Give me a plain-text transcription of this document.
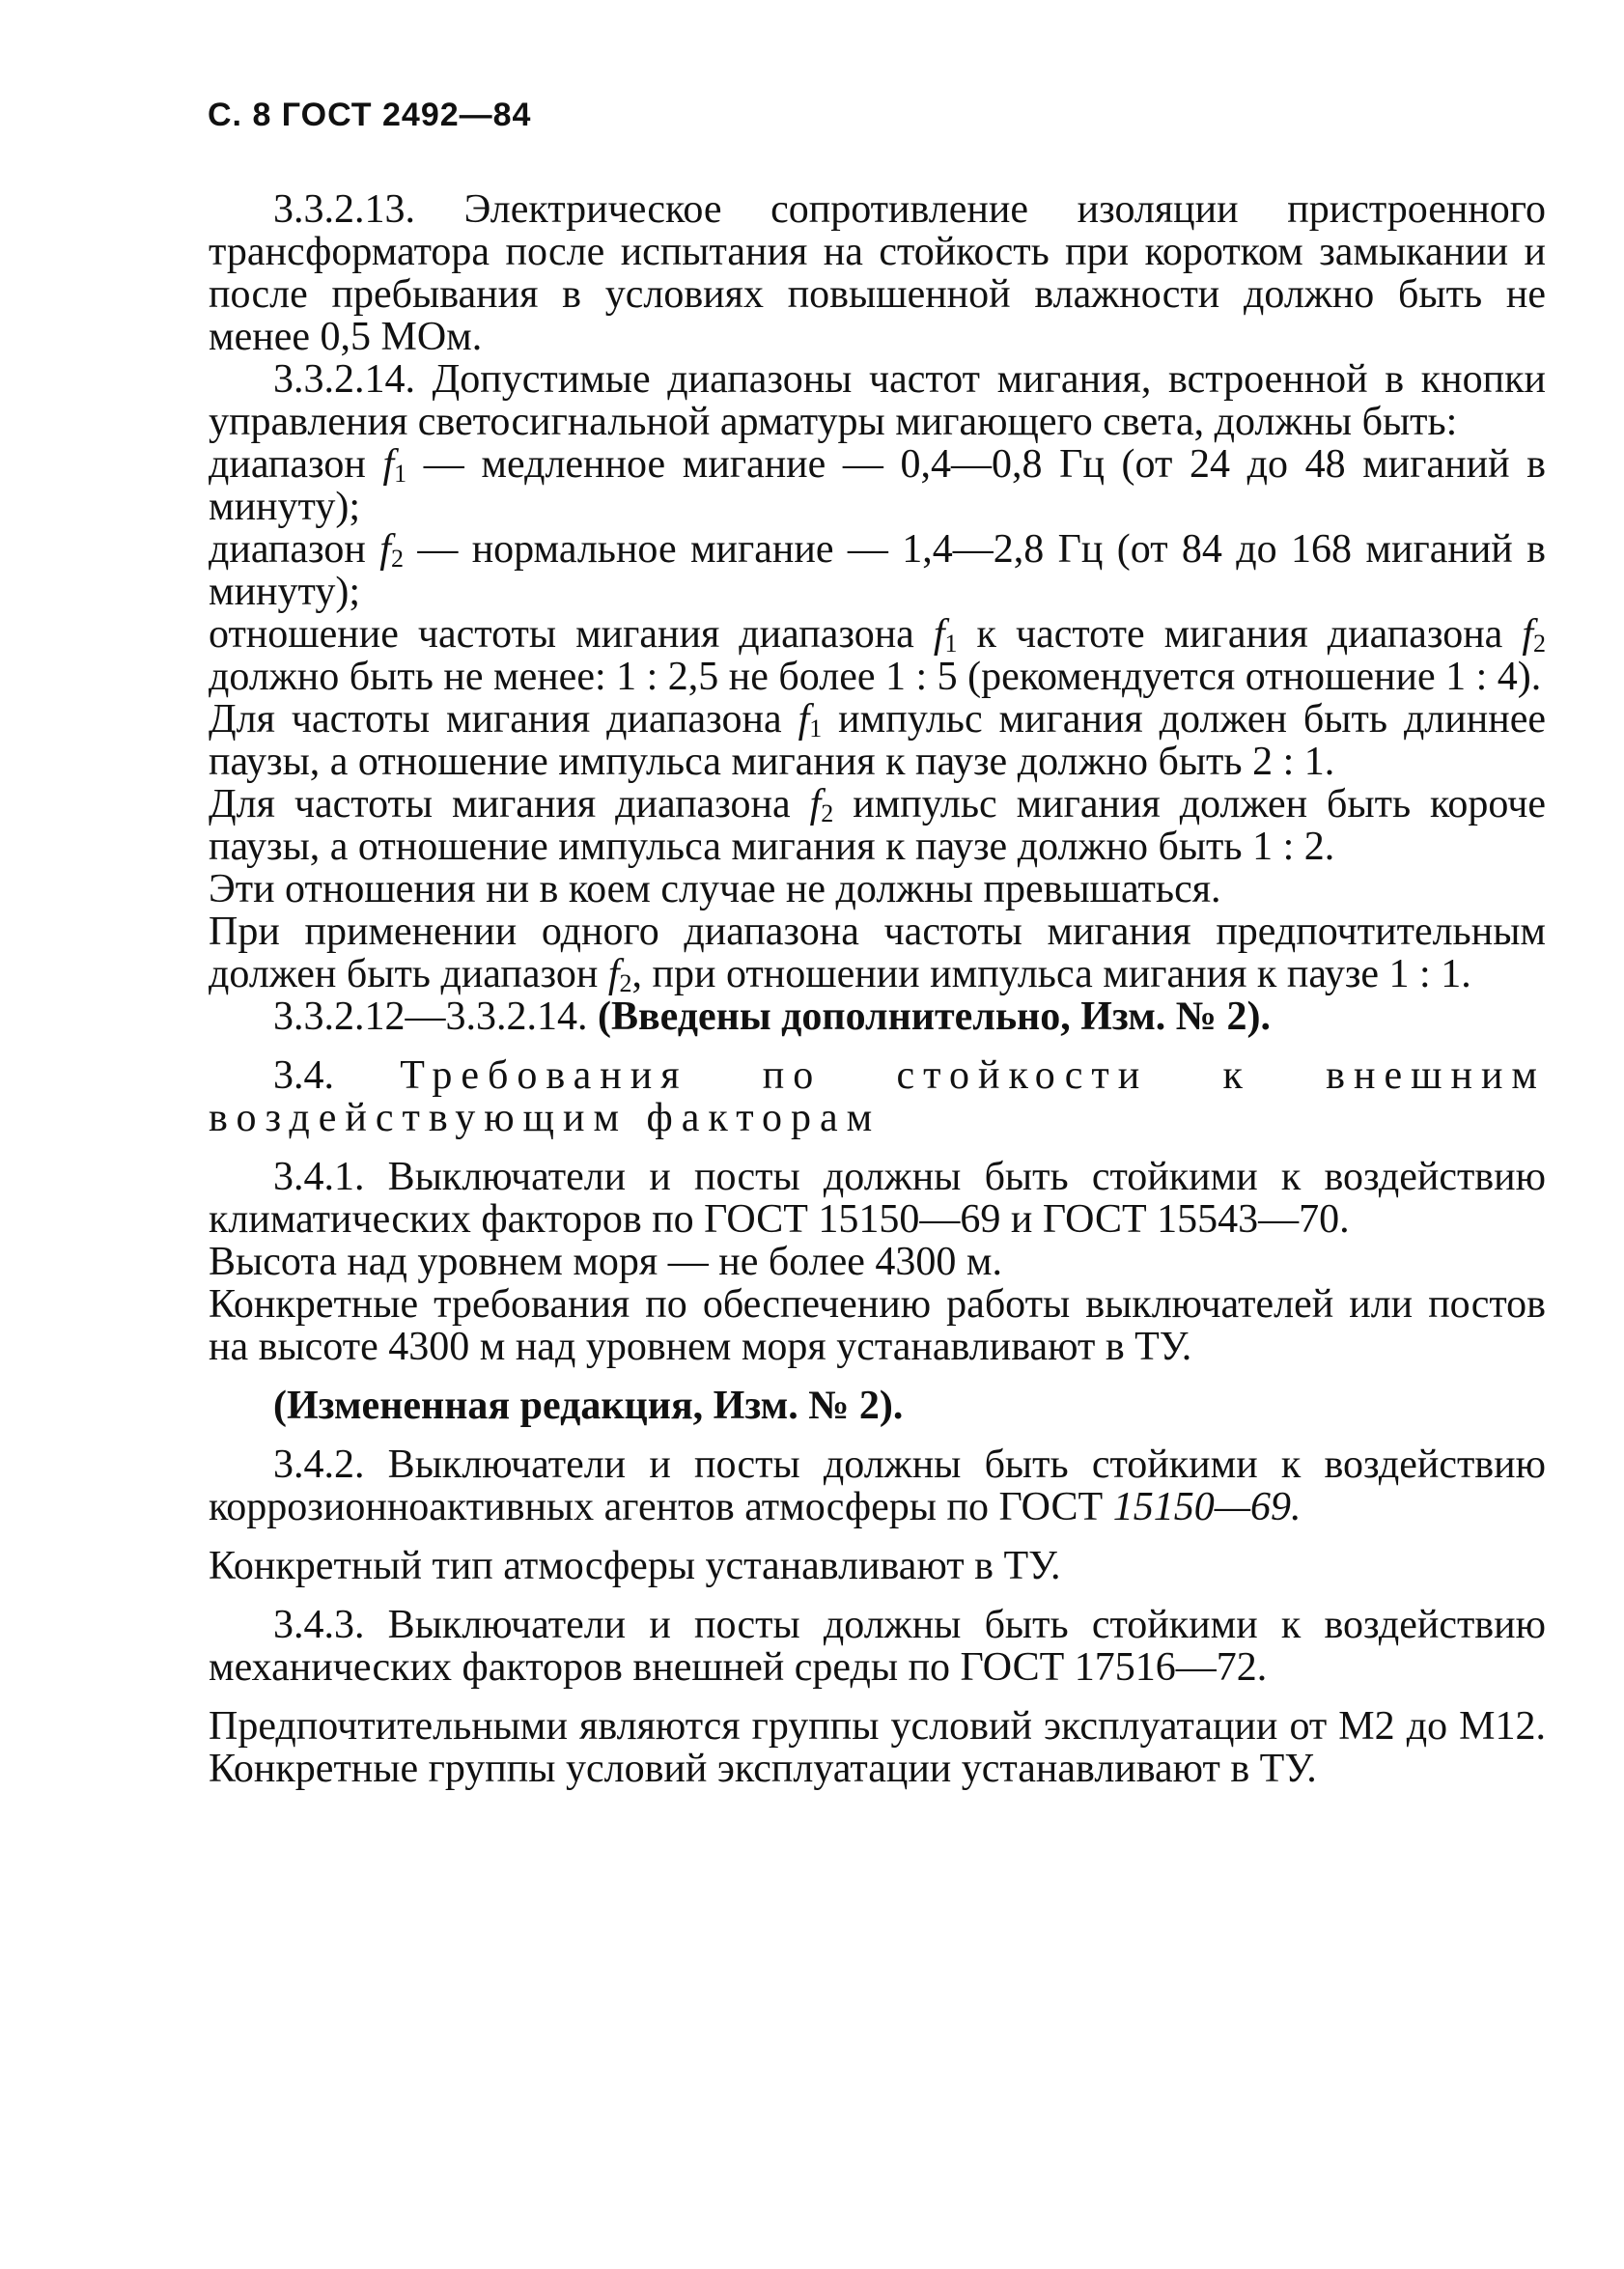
С. 8 ГОСТ 2492—84

3.3.2.13. Электрическое сопротивление изоляции пристроенного трансформатора после испытания на стойкость при коротком замыкании и после пребывания в условиях повышенной влажности должно быть не менее 0,5 МОм.

3.3.2.14. Допустимые диапазоны частот мигания, встроенной в кнопки управления светосигнальной арматуры мигающего света, должны быть:

диапазон $f_1$ — медленное мигание — 0,4—0,8 Гц (от 24 до 48 миганий в минуту);

диапазон $f_2$ — нормальное мигание — 1,4—2,8 Гц (от 84 до 168 миганий в минуту);

отношение частоты мигания диапазона $f_1$ к частоте мигания диапазона $f_2$ должно быть не менее: 1 : 2,5 не более 1 : 5 (рекомендуется отношение 1 : 4).

Для частоты мигания диапазона $f_1$ импульс мигания должен быть длиннее паузы, а отношение импульса мигания к паузе должно быть 2 : 1.

Для частоты мигания диапазона $f_2$ импульс мигания должен быть короче паузы, а отношение импульса мигания к паузе должно быть 1 : 2.

Эти отношения ни в коем случае не должны превышаться.

При применении одного диапазона частоты мигания предпочтительным должен быть диапазон $f_2$, при отношении импульса мигания к паузе 1 : 1.

3.3.2.12—3.3.2.14. (Введены дополнительно, Изм. № 2).

3.4. Требования по стойкости к внешним воздействующим факторам

3.4.1. Выключатели и посты должны быть стойкими к воздействию климатических факторов по ГОСТ 15150—69 и ГОСТ 15543—70.

Высота над уровнем моря — не более 4300 м.

Конкретные требования по обеспечению работы выключателей или постов на высоте 4300 м над уровнем моря устанавливают в ТУ.

(Измененная редакция, Изм. № 2).

3.4.2. Выключатели и посты должны быть стойкими к воздействию коррозионноактивных агентов атмосферы по ГОСТ 15150—69.

Конкретный тип атмосферы устанавливают в ТУ.

3.4.3. Выключатели и посты должны быть стойкими к воздействию механических факторов внешней среды по ГОСТ 17516—72.

Предпочтительными являются группы условий эксплуатации от М2 до М12. Конкретные группы условий эксплуатации устанавливают в ТУ.
